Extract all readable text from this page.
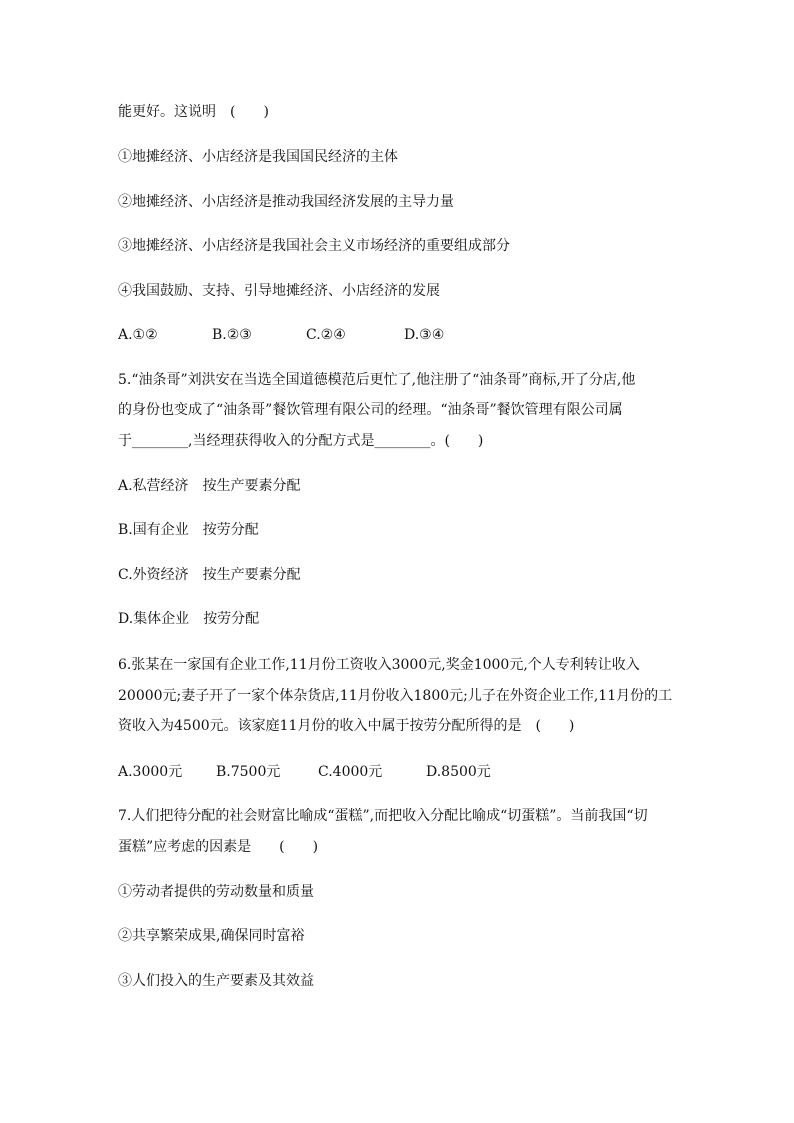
能更好。这说明　(　　)
①地摊经济、小店经济是我国国民经济的主体
②地摊经济、小店经济是推动我国经济发展的主导力量
③地摊经济、小店经济是我国社会主义市场经济的重要组成部分
④我国鼓励、支持、引导地摊经济、小店经济的发展
A.①②	B.②③	C.②④	D.③④
5.“油条哥”刘洪安在当选全国道德模范后更忙了,他注册了“油条哥”商标,开了分店,他
的身份也变成了“油条哥”餐饮管理有限公司的经理。“油条哥”餐饮管理有限公司属
于________,当经理获得收入的分配方式是________。(　　)
A.私营经济 按生产要素分配
B.国有企业 按劳分配
C.外资经济 按生产要素分配
D.集体企业 按劳分配
6.张某在一家国有企业工作,11月份工资收入3000元,奖金1000元,个人专利转让收入
20000元;妻子开了一家个体杂货店,11月份收入1800元;儿子在外资企业工作,11月份的工
资收入为4500元。该家庭11月份的收入中属于按劳分配所得的是　(　　)
A.3000元 B.7500元	C.4000元	D.8500元
7.人们把待分配的社会财富比喻成“蛋糕”,而把收入分配比喻成“切蛋糕”。当前我国“切
蛋糕”应考虑的因素是　　(　　)
①劳动者提供的劳动数量和质量
②共享繁荣成果,确保同时富裕
③人们投入的生产要素及其效益
